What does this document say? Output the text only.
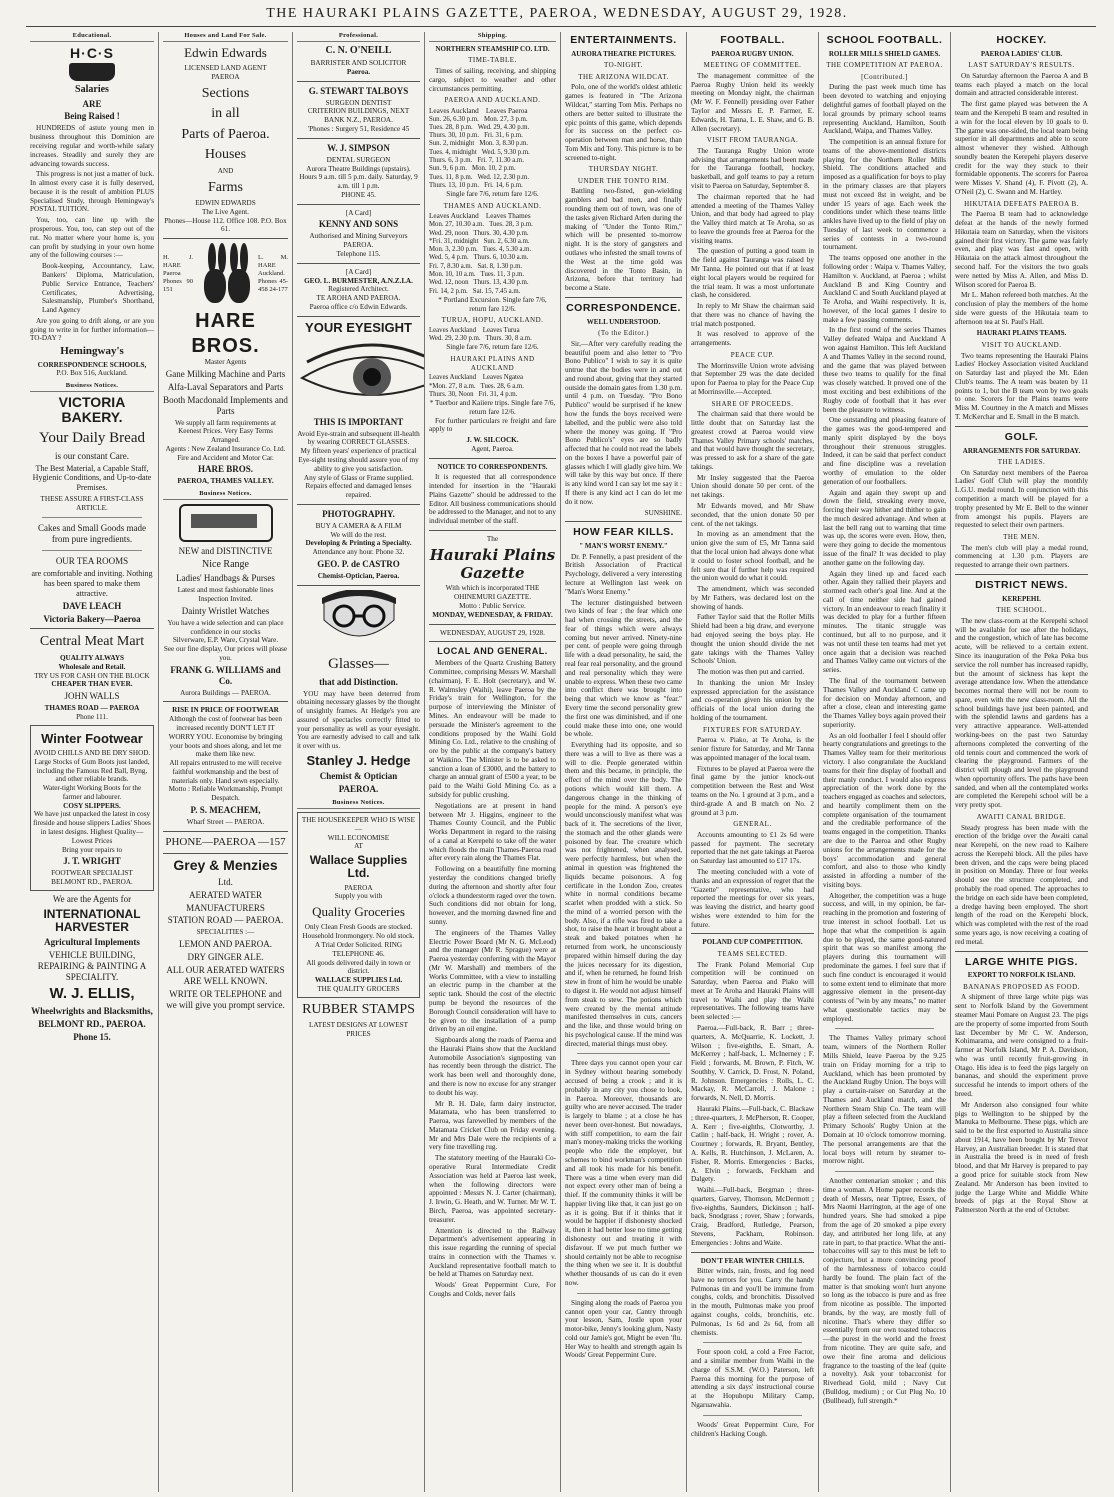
THE HAURAKI PLAINS GAZETTE, PAEROA, WEDNESDAY, AUGUST 29, 1928.
Educational.
H·C·S
Salaries
ARE
Being Raised !

HUNDREDS of astute young men in business throughout this Dominion are receiving regular and worth-while salary increases. Steadily and surely they are advancing towards success.

This progress is not just a matter of luck. In almost every case it is fully deserved, because it is the result of ambition PLUS Specialised Study, through Hemingway's POSTAL TUITION.

You, too, can line up with the prosperous. You, too, can step out of the rut. No matter where your home is, you can profit by studying in your own home any of the following courses :—

Book-keeping, Accountancy, Law, Bankers' Diploma, Matriculation, Public Service Entrance, Teachers' Certificates, Advertising, Salesmanship, Plumber's Shorthand, Land Agency

Are you going to drift along, or are you going to write in for further information—TO-DAY ?

Hemingway's
CORRESPONDENCE SCHOOLS,
P.O. Box 516, Auckland.
Business Notices.
VICTORIA BAKERY.
Your Daily Bread
is our constant Care.
The Best Material, a Capable Staff, Hygienic Conditions, and Up-to-date Premises.
THESE ASSURE A FIRST-CLASS ARTICLE.
Cakes and Small Goods made from pure ingredients.
OUR TEA ROOMS
are comfortable and inviting. Nothing has been spared to make them attractive.
DAVE LEACH
Victoria Bakery—Paeroa
Central Meat Mart
QUALITY ALWAYS
Wholesale and Retail.
TRY US FOR CASH ON THE BLOCK
CHEAPER THAN EVER.
JOHN WALLS
THAMES ROAD — PAEROA
Phone 111.
Winter Footwear
AVOID CHILLS AND BE DRY SHOD.
Large Stocks of Gum Boots just landed, including the Famous Red Ball, Byng, and other reliable brands.
Water-tight Working Boots for the farmer and labourer.
COSY SLIPPERS.
We have just unpacked the latest in cosy fireside and house slippers Ladies' Shoes in latest designs. Highest Quality—Lowest Prices
Bring your repairs to
J. T. WRIGHT
FOOTWEAR SPECIALIST BELMONT RD., PAEROA.
We are the Agents for
INTERNATIONAL HARVESTER
Agricultural Implements
VEHICLE BUILDING, REPAIRING & PAINTING A SPECIALITY.
W. J. ELLIS,
Wheelwrights and Blacksmiths,
BELMONT RD., PAEROA.
Phone 15.
Houses and Land For Sale.
Edwin Edwards
LICENSED LAND AGENT
PAEROA
Sections
in all
Parts of Paeroa.
Houses
AND
Farms
EDWIN EDWARDS
The Live Agent.
Phones—House 112. Office 108. P.O. Box 61.
H. J. HARE Paeroa Phones 90 151
L. M. HARE Auckland. Phones 45-458 24-177
HARE BROS.
Master Agents
Gane Milking Machine and Parts
Alfa-Laval Separators and Parts
Booth Macdonald Implements and Parts
We supply all farm requirements at Keenest Prices. Very Easy Terms Arranged.
Agents : New Zealand Insurance Co. Ltd. Fire and Accident and Motor Car.
HARE BROS.
PAEROA, THAMES VALLEY.
Business Notices.
NEW and DISTINCTIVE
Nice Range
Ladies' Handbags & Purses
Latest and most fashionable lines Inspection Invited.
Dainty Wristlet Watches
You have a wide selection and can place confidence in our stocks
Silverware, E.P. Ware, Crystal Ware.
See our fine display, Our prices will please you.
FRANK G. WILLIAMS and Co.
Aurora Buildings — PAEROA.
RISE IN PRICE OF FOOTWEAR
Although the cost of footwear has been increased recently DON'T LET IT WORRY YOU. Economise by bringing your boots and shoes along, and let me make them like new.
All repairs entrusted to me will receive faithful workmanship and the best of materials only. Hand sewn especially.
Motto : Reliable Workmanship, Prompt Despatch.
P. S. MEACHEM,
Wharf Street — PAEROA.
PHONE—PAEROA —157
Grey & Menzies
Ltd.
AERATED WATER
MANUFACTURERS
STATION ROAD — PAEROA.
SPECIALITIES :—
LEMON AND PAEROA.
DRY GINGER ALE.
ALL OUR AERATED WATERS ARE WELL KNOWN.
WRITE OR TELEPHONE and we will give you prompt service.
Professional.
C. N. O'NEILL
BARRISTER AND SOLICITOR
Paeroa.
G. STEWART TALBOYS
SURGEON DENTIST
CRITERION BUILDINGS, NEXT BANK N.Z., PAEROA.
'Phones : Surgery 51, Residence 45
W. J. SIMPSON
DENTAL SURGEON
Aurora Theatre Buildings (upstairs).
Hours 9 a.m. till 5 p.m. daily. Saturday, 9 a.m. till 1 p.m.
PHONE 45.
[A Card]
KENNY AND SONS
Authorised and Mining Surveyors PAEROA.
Telephone 115.
[A Card]
GEO. L. BURMESTER, A.N.Z.I.A.
Registered Architect.
TE AROHA AND PAEROA.
Paeroa office c/o Edwin Edwards.
YOUR EYESIGHT
THIS IS IMPORTANT
Avoid Eye-strain and subsequent ill-health by wearing CORRECT GLASSES.
My fifteen years' experience of practical Eye-sight testing should assure you of my ability to give you satisfaction.
Any style of Glass or Frame supplied.
Repairs effected and damaged lenses repaired.
PHOTOGRAPHY.
BUY A CAMERA & A FILM
We will do the rest.
Developing & Printing a Specialty.
Attendance any hour. Phone 32.
GEO. P. de CASTRO
Chemist-Optician, Paeroa.
Glasses—
that add Distinction.

YOU may have been deterred from obtaining necessary glasses by the thought of unsightly frames. At Hedge's you are assured of spectacles correctly fitted to your personality as well as your eyesight. You are earnestly advised to call and talk it over with us.

Stanley J. Hedge
Chemist & Optician
PAEROA.
Business Notices.
THE HOUSEKEEPER WHO IS WISE—
WILL ECONOMISE
AT
Wallace Supplies Ltd.
PAEROA
Supply you with
Quality Groceries
Only Clean Fresh Goods are stocked.
Household Ironmongery. No old stock.
A Trial Order Solicited. RING TELEPHONE 46.
All goods delivered daily in town or district.
WALLACE SUPPLIES Ltd.
THE QUALITY GROCERS
RUBBER STAMPS
LATEST DESIGNS AT LOWEST PRICES
Shipping.
NORTHERN STEAMSHIP CO. LTD.
TIME-TABLE.

Times of sailing, receiving, and shipping cargo, subject to weather and other circumstances permitting.

PAEROA AND AUCKLAND.
Leaves Auckland    Leaves Paeroa
Sun. 26, 6.30 p.m.   Mon. 27, 3 p.m.
Tues. 28, 8 p.m.   Wed. 29, 4.30 p.m.
Thurs. 30, 10 p.m.   Fri. 31, 6 p.m.
Sun. 2, midnight   Mon. 3, 8.30 p.m.
Tues. 4, midnight   Wed. 5, 9.30 p.m.
Thurs. 6, 3 p.m.   Fri. 7, 11.30 a.m.
Sun. 9, 6 p.m.   Mon. 10, 2 p.m.
Tues. 11, 8 p.m.   Wed. 12, 2.30 p.m.
Thurs. 13, 10 p.m.   Fri. 14, 6 p.m.
Single fare 7/6, return fare 12/6.
THAMES AND AUCKLAND.
Leaves Auckland    Leaves Thames
Mon. 27, 10.30 a.m.   Tues. 28, 3 p.m.
Wed. 29, noon   Thurs. 30, 4.30 p.m.
*Fri. 31, midnight   Sun. 2, 6.30 a.m.
Mon. 3, 2.30 p.m.   Tues. 4, 5.30 a.m.
Wed. 5, 4 p.m.   Thurs. 6, 10.30 a.m.
Fri. 7, 8.30 a.m.   Sat. 8, 1.30 p.m.
Mon. 10, 10 a.m.   Tues. 11, 3 p.m.
Wed. 12, noon   Thurs. 13, 4.30 p.m.
Fri. 14, 2 p.m.   Sat. 15, 7.45 a.m.
* Portland Excursion. Single fare 7/6, return fare 12/6.
TURUA, HOPU, AUCKLAND.
Leaves Auckland    Leaves Turua
Wed. 29, 2.30 p.m.   Thurs. 30, 8 a.m.
Single fare 7/6, return fare 12/6.
HAURAKI PLAINS AND AUCKLAND
Leaves Auckland    Leaves Ngatea
*Mon. 27, 8 a.m.   Tues. 28, 6 a.m.
Thurs. 30, Noon   Fri. 31, 4 p.m.
* Tuerbor and Kaiiere trips. Single fare 7/6, return fare 12/6.

For further particulars re freight and fare apply to

J. W. SILCOCK.
Agent, Paeroa.
NOTICE TO CORRESPONDENTS.

It is requested that all correspondence intended for insertion in the "Hauraki Plains Gazette" should be addressed to the Editor. All business communications should be addressed to the Manager, and not to any individual member of the staff.

The
Hauraki Plains Gazette
With which is incorporated THE OHINEMURI GAZETTE.
Motto : Public Service.
MONDAY, WEDNESDAY, & FRIDAY.
WEDNESDAY, AUGUST 29, 1928.
LOCAL AND GENERAL.

Members of the Quartz Crushing Battery Committee, comprising Messrs W. Marshall (chairman), F. E. Holt (secretary), and W. R. Walmsley (Waihi), leave Paeroa by the Friday's train for Wellington, for the purpose of interviewing the Minister of Mines. An endeavour will be made to persuade the Minister's agreement to the conditions proposed by the Waihi Gold Mining Co. Ltd., relative to the crushing of ore by the public at the company's battery at Waikino. The Minister is to be asked to sanction a loan of £3000, and the battery to charge an annual grant of £500 a year, to be paid to the Waihi Gold Mining Co. as a subsidy for public crushing.

Negotiations are at present in hand between Mr J. Higgins, engineer to the Thames County Council, and the Public Works Department in regard to the raising of a canal at Kerepehi to take off the water which floods the main Thames-Paeroa road after every rain along the Thames Flat.

Following on a beautifully fine morning yesterday the conditions changed briefly during the afternoon and shortly after four o'clock a thunderstorm raged over the town. Such conditions did not obtain for long, however, and the morning dawned fine and sunny.

The engineers of the Thames Valley Electric Power Board (Mr N. G. McLeod) and the manager (Mr R. Sprague) were at Paeroa yesterday conferring with the Mayor (Mr W. Marshall) and members of the Works Committee, with a view to installing an electric pump in the chamber at the septic tank. Should the cost of the electric pump be beyond the resources of the Borough Council consideration will have to be given to the installation of a pump driven by an oil engine.

Signboards along the roads of Paeroa and the Hauraki Plains show that the Auckland Automobile Association's signposting van has recently been through the district. The work has been well and thoroughly done, and there is now no excuse for any stranger to doubt his way.

Mr R. H. Dale, farm dairy instructor, Matamata, who has been transferred to Paeroa, was farewelled by members of the Matamata Cricket Club on Friday evening. Mr and Mrs Dale were the recipients of a very fine travelling rug.

The statutory meeting of the Hauraki Co-operative Rural Intermediate Credit Association was held at Paeroa last week, when the following directors were appointed : Messrs N. J. Carter (chairman), J. Irwin, G. Heath, and W. Turner. Mr W. T. Birch, Paeroa, was appointed secretary-treasurer.

Attention is directed to the Railway Department's advertisement appearing in this issue regarding the running of special trains in connection with the Thames v. Auckland representative football match to be held at Thames on Saturday next.

Woods' Great Peppermint Cure, For Coughs and Colds, never fails

ENTERTAINMENTS.
AURORA THEATRE PICTURES.
TO-NIGHT.
THE ARIZONA WILDCAT.

Polo, one of the world's oldest athletic games is featured in "The Arizona Wildcat," starring Tom Mix. Perhaps no others are better suited to illustrate the epic points of this game, which depends for its success on the perfect co-operation between man and horse, than Tom Mix and Tony. This picture is to be screened to-night.

THURSDAY NIGHT.
UNDER THE TONTO RIM.

Battling two-fisted, gun-wielding gamblers and bad men, and finally rounding them out of town, was one of the tasks given Richard Arlen during the making of "Under the Tonto Rim," which will be presented to-morrow night. It is the story of gangsters and outlaws who infested the small towns of the West at the time gold was discovered in the Tonto Basin, in Arizona, before that territory had become a State.

CORRESPONDENCE.
WELL UNDERSTOOD.
(To the Editor.)

Sir,—After very carefully reading the beautiful poem and also letter to "Pro Bono Publico" I wish to say it is quite untrue that the bodies were in and out and round about, giving that they started outside the domain gates from 1.30 p.m. until 4 p.m. on Tuesday. "Pro Bono Publico" would be surprised if he knew how the funds the boys received were labelled, and the public were also told where the money was going. If "Pro Bono Publico's" eyes are so badly affected that he could not read the labels on the boxes I have a powerful pair of glasses which I will gladly give him. We will take by this way but once. If there is any kind word I can say let me say it : If there is any kind act I can do let me do it now.

SUNSHINE.
HOW FEAR KILLS.
" MAN'S WORST ENEMY."

Dr. P. Fennelly, a past president of the British Association of Practical Psychology, delivered a very interesting lecture at Wellington last week on "Man's Worst Enemy."

The lecturer distinguished between two kinds of fear ; the fear which one had when crossing the streets, and the fear of things which were always coming but never arrived. Ninety-nine per cent. of people were going through life with a dead personality, he said, the real fear real personality, and the ground and real personality which they were unable to express. When these two came into conflict there was brought into being that which we know as "fear." Every time the second personality grew the first one was diminished, and if one could make these into one, one would be whole.

Everything had its opposite, and so there was a will to live as there was a will to die. People generated within them and this became, in principle, the effect of the mind over the body. The potions which would kill them. A dangerous change in the thinking of people for the mind. A person's eye would unconsciously manifest what was back of it. The secretions of the liver, the stomach and the other glands were poisoned by fear. The creature which was not frightened, when analysed, were perfectly harmless, but when the animal in question was frightened the liquids became poisonous. A fog certificate in the London Zoo, creates white in normal conditions became scarlet when prodded with a stick. So the mind of a worried person with the body. Also, if a rifle was fired to take a shot, to raise the heart it brought about a steak and baked potatoes when he returned from work, he unconsciously prepared within himself during the day the juices necessary for its digestion, and if, when he returned, he found Irish stew in front of him he would be unable to digest it. He would not adjust himself from steak to stew. The potions which were created by the mental attitude manifested themselves in cuts, cancers and the like, and those would bring on his psychological cause. If the mind was directed, material things must obey.

Three days you cannot open your car in Sydney without hearing somebody accused of being a crook ; and it is probably in any city you chose to look, in Paeroa. Moreover, thousands are guilty who are never accused. The trader is largely to blame ; at a close he has never been over-honest. But nowadays, with stiff competition, to earn the fair man's money-making tricks the working people who ride the employer, but schemes to bind workman's competition and all took his made for his benefit. There was a time when every man did not expect every other man of being a thief. If the community thinks it will be happier living like that, it can just go on as it is going. But if it thinks that it would be happier if dishonesty shocked it, then it had better lose no time getting dishonesty out and treating it with disfavour. If we put much further we should certainly not be able to recognise the thing when we see it. It is doubtful whether thousands of us can do it even now.

Singing along the roads of Paeroa you cannot open your car, Cantry through your lesson, Sam, Jostle upon your motor-bike, Jenny's looking glum, Nasty cold our Jamie's got, Might be even 'flu. Her Way to health and strength again Is Woods' Great Peppermint Cure.

FOOTBALL.
PAEROA RUGBY UNION.
MEETING OF COMMITTEE.

The management committee of the Paeroa Rugby Union held its weekly meeting on Monday night, the chairman (Mr W. F. Fennell) presiding over Father Taylor and Messrs E. P. Farmer, E. Edwards, H. Tanna, L. E. Shaw, and G. B. Allen (secretary).

VISIT FROM TAURANGA.

The Tauranga Rugby Union wrote advising that arrangements had been made for the Tauranga football, hockey, basketball, and golf teams to pay a return visit to Paeroa on Saturday, September 8.

The chairman reported that he had attended a meeting of the Thames Valley Union, and that body had agreed to play the Valley third match at Te Aroha, so as to leave the grounds free at Paeroa for the visiting teams.

The question of putting a good team in the field against Tauranga was raised by Mr Tanna. He pointed out that if at least eight local players would be required for the trial team. It was a most unfortunate clash, he considered.

In reply to Mr Shaw the chairman said that there was no chance of having the trial match postponed.

It was resolved to approve of the arrangements.

PEACE CUP.

The Morrinsville Union wrote advising that September 29 was the date decided upon for Paeroa to play for the Peace Cup at Morrinsville.—Accepted.

SHARE OF PROCEEDS.

The chairman said that there would be little doubt that on Saturday last the greatest crowd at Paeroa would view Thames Valley Primary schools' matches, and that would have thought the secretary, was pressed to ask for a share of the gate takings.

Mr Insley suggested that the Paeroa Union should donate 50 per cent. of the net takings.

Mr Edwards moved, and Mr Shaw seconded, that the union donate 50 per cent. of the net takings.

In moving as an amendment that the union give the sum of £5, Mr Tanna said that the local union had always done what it could to foster school football, and he felt sure that if further help was required the union would do what it could.

The amendment, which was seconded by Mr Fathers, was declared lost on the showing of hands.

Father Taylor said that the Roller Mills Shield had been a big draw, and everyone had enjoyed seeing the boys play. He thought the union should divide the net gate takings with the Thames Valley Schools' Union.

The motion was then put and carried.

In thanking the union Mr Insley expressed appreciation for the assistance and co-operation given his union by the officials of the local union during the holding of the tournament.

FIXTURES FOR SATURDAY.

Paeroa v. Piako, at Te Aroha, is the senior fixture for Saturday, and Mr Tanna was appointed manager of the local team.

Fixtures to be played at Paeroa were the final game by the junior knock-out competition between the Rest and West teams on the No. 1 ground at 3 p.m., and a third-grade A and B match on No. 2 ground at 3 p.m.

GENERAL.

Accounts amounting to £1 2s 6d were passed for payment. The secretary reported that the net gate takings at Paeroa on Saturday last amounted to £17 17s.

The meeting concluded with a vote of thanks and an expression of regret that the "Gazette" representative, who had reported the meetings for over six years, was leaving the district, and hearty good wishes were extended to him for the future.

POLAND CUP COMPETITION.
TEAMS SELECTED.

The Frank Poland Memorial Cup competition will be continued on Saturday, when Paeroa and Piako will meet at Te Aroha and Hauraki Plains will travel to Waihi and play the Waihi representatives. The following teams have been selected :—

Paeroa.—Full-back, R. Barr ; three-quarters, A. McQuarrie, K. Lockett, J. Wilson ; five-eighths, E. Smart, A. McKerrey ; half-back, L. McInerney ; F. Field ; forwards, M. Brown, P. Fitch, W. Southby, V. Carrick, D. Frost, N. Poland, R. Johnson. Emergencies : Rolls, L. C. Mackay, R. McCarroll, J. Malone ; forwards, N. Nell, D. Morris.

Hauraki Plains.—Full-back, C. Blackaw ; three-quarters, J. McPherson, R. Cooper, A. Kerr ; five-eighths, Clotworthy, J. Catlin ; half-back, H. Wright ; rover, A. Courtney ; forwards, R. Bryant, Bentley, A. Kells, R. Hutchinson, J. McLaren, A. Fisher, R. Morris. Emergencies : Backs, A. Elvin ; forwards, Feckham and Dalgety.

Waihi.—Full-back, Bergman ; three-quarters, Garvey, Thomson, McDermott ; five-eighths, Saunders, Dickinson ; half-back, Snodgrass ; rover, Shaw ; forwards, Craig, Bradford, Rutledge, Pearson, Stevens, Packham, Robinson. Emergencies : Johns and Waite.

DON'T FEAR WINTER CHILLS.

Bitter winds, rain, frosts, and fog need have no terrors for you. Carry the handy Pulmonas tin and you'll be immune from coughs, colds, and bronchitis. Dissolved in the mouth, Pulmonas make you proof against coughs, colds, bronchitis, etc. Pulmonas, 1s 6d and 2s 6d, from all chemists.

Four spoon cold, a cold a Free Factor, and a similar member from Waihi in the charge of S.S.M. (W.O.) Paterson, left Paeroa this morning for the purpose of attending a six days' instructional course at the Hopuhopu Military Camp, Ngaruawahia.

Woods' Great Peppermint Cure, For children's Hacking Cough.

SCHOOL FOOTBALL.
ROLLER MILLS SHIELD GAMES.
THE COMPETITION AT PAEROA.
[Contributed.]

During the past week much time has been devoted to watching and enjoying delightful games of football played on the local grounds by primary school teams representing Auckland, Hamilton, South Auckland, Waipa, and Thames Valley.

The competition is an annual fixture for teams of the above-mentioned districts playing for the Northern Roller Mills Shield. The conditions attached and imposed as a qualification for boys to play in the primary classes are that players must not exceed 8st in weight, and be under 15 years of age. Each week the conditions under which these teams little ankles have lived up to the field of play on Tuesday of last week to commence a series of contests in a two-round tournament.

The teams opposed one another in the following order : Waipa v. Thames Valley, Hamilton v. Auckland, at Paeroa ; whilst Auckland B and King Country and Auckland C and South Auckland played at Te Aroha, and Waihi respectively. It is, however, of the local games I desire to make a few passing comments.

In the first round of the series Thames Valley defeated Waipa and Auckland A won against Hamilton. This left Auckland A and Thames Valley in the second round, and the game that was played between these two teams to qualify for the final was closely watched. It proved one of the most exciting and best exhibitions of the Rugby code of football that it has ever been the pleasure to witness.

One outstanding and pleasing feature of the games was the good-tempered and manly spirit displayed by the boys throughout their strenuous struggles. Indeed, it can be said that perfect conduct and fine discipline was a revelation worthy of emulation to the older generation of our footballers.

Again and again they swept up and down the field, streaking every move, forcing their way hither and thither to gain the much desired advantage. And when at last the bell rang out to warning that time was up, the scores were even. How, then, were they going to decide the momentous issue of the final? It was decided to play another game on the following day.

Again they lined up and faced each other. Again they rallied their players and stormed each other's goal line. And at the call of time neither side had gained victory. In an endeavour to reach finality it was decided to play for a further fifteen minutes. The titanic struggle was continued, but all to no purpose, and it was not until these ten teams had met yet once again that a decision was reached and Thames Valley came out victors of the series.

The final of the tournament between Thames Valley and Auckland C came up for decision on Monday afternoon, and after a close, clean and interesting game the Thames Valley boys again proved their superiority.

As an old footballer I feel I should offer hearty congratulations and greetings to the Thames Valley team for their meritorious victory. I also congratulate the Auckland teams for their fine display of football and their manly conduct. I would also express appreciation of the work done by the teachers engaged as coaches and selectors, and heartily compliment them on the complete organisation of the tournament and the creditable performance of the teams engaged in the competition. Thanks are due to the Paeroa and other Rugby unions for the arrangements made for the boys' accommodation and general comfort, and also to those who kindly assisted in affording a number of the visiting boys.

Altogether, the competition was a huge success, and will, in my opinion, be far-reaching in the promotion and fostering of true interest in school football. Let us hope that what the competition is again due to be played, the same good-natured spirit that was so manifest among the players during this tournament will predominate the games. I feel sure that if such fine conduct is encouraged it would to some extent tend to eliminate that more aggressive element in the present-day contests of "win by any means," no matter what questionable tactics may be employed.

The Thames Valley primary school team, winners of the Northern Roller Mills Shield, leave Paeroa by the 9.25 train on Friday morning for a trip to Auckland, which has been promoted by the Auckland Rugby Union. The boys will play a curtain-raiser on Saturday at the Thames and Auckland match, and the Northern Steam Ship Co. The team will play a fifteen selected from the Auckland Primary Schools' Rugby Union at the Domain at 10 o'clock tomorrow morning. The personal arrangements are that the local boys will return by steamer to-morrow night.

Another centenarian smoker ; and this time a woman. A Home paper records the death of Messrs, near Tiptree, Essex, of Mrs Naomi Harrington, at the age of one hundred years. She had smoked a pipe from the age of 20 smoked a pipe every day, and attributed her long life, at any rate in part, to that practice. What the anti-tobaccoites will say to this must be left to conjecture, but a more convincing proof of the harmlessness of tobacco could hardly be found. The plain fact of the matter is that smoking won't hurt anyone so long as the tobacco is pure and as free from nicotine as possible. The imported brands, by the way, are mostly full of nicotine. That's where they differ so essentially from our own toasted tobaccos—the purest in the world and the freest from nicotine. They are quite safe, and owe their fine aroma and delicious fragrance to the toasting of the leaf (quite a novelty). Ask your tobacconist for Riverhead Gold, mild ; Navy Cut (Bulldog, medium) ; or Cut Plug No. 10 (Bullhead), full strength.*

HOCKEY.
PAEROA LADIES' CLUB.
LAST SATURDAY'S RESULTS.

On Saturday afternoon the Paeroa A and B teams each played a match on the local domain and attracted considerable interest.

The first game played was between the A team and the Kerepehi B team and resulted in a win for the local eleven by 10 goals to 0. The game was one-sided, the local team being superior in all departments and able to score almost whenever they wished. Although soundly beaten the Kerepehi players deserve credit for the way they stuck to their formidable opponents. The scorers for Paeroa were Misses V. Shand (4), F. Pivott (2), A. O'Neil (2), C. Swann and M. Hartley.

HIKUTAIA DEFEATS PAEROA B.

The Paeroa B team had to acknowledge defeat at the hands of the newly formed Hikutaia team on Saturday, when the visitors gained their first victory. The game was fairly even, and play was fast and open, with Hikutaia on the attack almost throughout the second half. For the visitors the two goals were netted by Miss A. Allen, and Miss D. Wilson scored for Paeroa B.

Mr L. Mahon refereed both matches. At the conclusion of play the members of the home side were guests of the Hikutaia team to afternoon tea at St. Paul's Hall.

HAURAKI PLAINS TEAMS.
VISIT TO AUCKLAND.

Two teams representing the Hauraki Plains Ladies' Hockey Association visited Auckland on Saturday last and played the Mt. Eden Club's teams. The A team was beaten by 11 points to 1, but the B team won by two goals to one. Scorers for the Plains teams were Miss M. Courtney in the A match and Misses T. McKerchar and E. Small in the B match.

GOLF.
ARRANGEMENTS FOR SATURDAY.
THE LADIES.

On Saturday next members of the Paeroa Ladies' Golf Club will play the monthly L.G.U. medal round. In conjunction with this competition a match will be played for a trophy presented by Mr E. Bell to the winner from amongst his pupils. Players are requested to select their own partners.

THE MEN.

The men's club will play a medal round, commencing at 1.30 p.m. Players are requested to arrange their own partners.

DISTRICT NEWS.
KEREPEHI.
THE SCHOOL.

The new class-room at the Kerepehi school will be available for use after the holidays, and the congestion, which of late has become acute, will be relieved to a certain extent. Since its inauguration of the Peka Peka bus service the roll number has increased rapidly, but the amount of sickness has kept the average attendance low. When the attendance becomes normal there will not be room to spare, even with the new class-room. All the school buildings have just been painted, and with the splendid lawns and gardens has a very attractive appearance. Well-attended working-bees on the past two Saturday afternoons completed the converting of the old tennis court and commenced the work of clearing the playground. Farmers of the district will plough and level the playground when opportunity offers. The paths have been sanded, and when all the contemplated works are completed the Kerepehi school will be a very pretty spot.

AWAITI CANAL BRIDGE.

Steady progress has been made with the erection of the bridge over the Awaiti canal near Kerepehi, on the new road to Kaihere across the Kerepehi block. All the piles have been driven, and the caps were being placed in position on Monday. Three or four weeks should see the structure completed, and probably the road opened. The approaches to the bridge on each side have been completed, a dredge having been employed. The short length of the road on the Kerepehi block, which was completed with the rest of the road some years ago, is now receiving a coating of red metal.

LARGE WHITE PIGS.
EXPORT TO NORFOLK ISLAND.
BANANAS PROPOSED AS FOOD.

A shipment of three large white pigs was sent to Norfolk Island by the Government steamer Maui Pomare on August 23. The pigs are the property of some imported from South last December by Mr C. W. Anderson, Kohimarama, and were consigned to a fruit-farmer at Norfolk Island, Mr P. A. Davidson, who was until recently fruit-growing in Otago. His idea is to feed the pigs largely on bananas, and should the experiment prove successful he intends to import others of the breed.

Mr Anderson also consigned four white pigs to Wellington to be shipped by the Manuka to Melbourne. These pigs, which are said to be the first exported to Australia since about 1914, have been bought by Mr Trevor Harvey, an Australian breeder. It is stated that in Australia the breed is in need of fresh blood, and that Mr Harvey is prepared to pay a good price for suitable stock from New Zealand. Mr Anderson has been invited to judge the Large White and Middle White breeds of pigs at the Royal Show at Palmerston North at the end of October.
